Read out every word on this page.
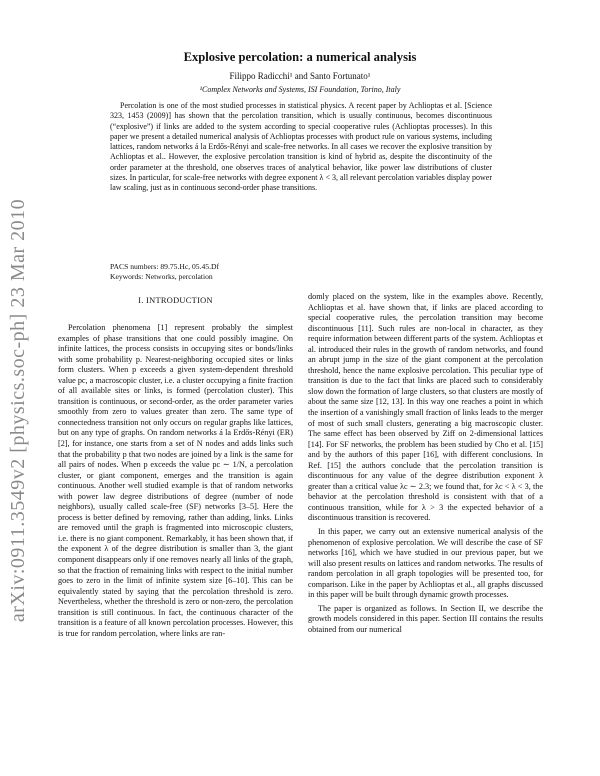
arXiv:0911.3549v2 [physics.soc-ph] 23 Mar 2010
Explosive percolation: a numerical analysis
Filippo Radicchi¹ and Santo Fortunato¹
¹Complex Networks and Systems, ISI Foundation, Torino, Italy
Percolation is one of the most studied processes in statistical physics. A recent paper by Achlioptas et al. [Science 323, 1453 (2009)] has shown that the percolation transition, which is usually continuous, becomes discontinuous (“explosive”) if links are added to the system according to special cooperative rules (Achlioptas processes). In this paper we present a detailed numerical analysis of Achlioptas processes with product rule on various systems, including lattices, random networks á la Erdős-Rényi and scale-free networks. In all cases we recover the explosive transition by Achlioptas et al.. However, the explosive percolation transition is kind of hybrid as, despite the discontinuity of the order parameter at the threshold, one observes traces of analytical behavior, like power law distributions of cluster sizes. In particular, for scale-free networks with degree exponent λ < 3, all relevant percolation variables display power law scaling, just as in continuous second-order phase transitions.
PACS numbers: 89.75.Hc, 05.45.Df
Keywords: Networks, percolation
I. INTRODUCTION

Percolation phenomena [1] represent probably the simplest examples of phase transitions that one could possibly imagine. On infinite lattices, the process consists in occupying sites or bonds/links with some probability p. Nearest-neighboring occupied sites or links form clusters. When p exceeds a given system-dependent threshold value pc, a macroscopic cluster, i.e. a cluster occupying a finite fraction of all available sites or links, is formed (percolation cluster). This transition is continuous, or second-order, as the order parameter varies smoothly from zero to values greater than zero. The same type of connectedness transition not only occurs on regular graphs like lattices, but on any type of graphs. On random networks á la Erdős-Rényi (ER) [2], for instance, one starts from a set of N nodes and adds links such that the probability p that two nodes are joined by a link is the same for all pairs of nodes. When p exceeds the value pc ∼ 1/N, a percolation cluster, or giant component, emerges and the transition is again continuous. Another well studied example is that of random networks with power law degree distributions of degree (number of node neighbors), usually called scale-free (SF) networks [3–5]. Here the process is better defined by removing, rather than adding, links. Links are removed until the graph is fragmented into microscopic clusters, i.e. there is no giant component. Remarkably, it has been shown that, if the exponent λ of the degree distribution is smaller than 3, the giant component disappears only if one removes nearly all links of the graph, so that the fraction of remaining links with respect to the initial number goes to zero in the limit of infinite system size [6–10]. This can be equivalently stated by saying that the percolation threshold is zero. Nevertheless, whether the threshold is zero or non-zero, the percolation transition is still continuous. In fact, the continuous character of the transition is a feature of all known percolation processes. However, this is true for random percolation, where links are ran-

domly placed on the system, like in the examples above. Recently, Achlioptas et al. have shown that, if links are placed according to special cooperative rules, the percolation transition may become discontinuous [11]. Such rules are non-local in character, as they require information between different parts of the system. Achlioptas et al. introduced their rules in the growth of random networks, and found an abrupt jump in the size of the giant component at the percolation threshold, hence the name explosive percolation. This peculiar type of transition is due to the fact that links are placed such to considerably slow down the formation of large clusters, so that clusters are mostly of about the same size [12, 13]. In this way one reaches a point in which the insertion of a vanishingly small fraction of links leads to the merger of most of such small clusters, generating a big macroscopic cluster. The same effect has been observed by Ziff on 2-dimensional lattices [14]. For SF networks, the problem has been studied by Cho et al. [15] and by the authors of this paper [16], with different conclusions. In Ref. [15] the authors conclude that the percolation transition is discontinuous for any value of the degree distribution exponent λ greater than a critical value λc ∼ 2.3; we found that, for λc < λ < 3, the behavior at the percolation threshold is consistent with that of a continuous transition, while for λ > 3 the expected behavior of a discontinuous transition is recovered.

In this paper, we carry out an extensive numerical analysis of the phenomenon of explosive percolation. We will describe the case of SF networks [16], which we have studied in our previous paper, but we will also present results on lattices and random networks. The results of random percolation in all graph topologies will be presented too, for comparison. Like in the paper by Achlioptas et al., all graphs discussed in this paper will be built through dynamic growth processes.

The paper is organized as follows. In Section II, we describe the growth models considered in this paper. Section III contains the results obtained from our numerical
